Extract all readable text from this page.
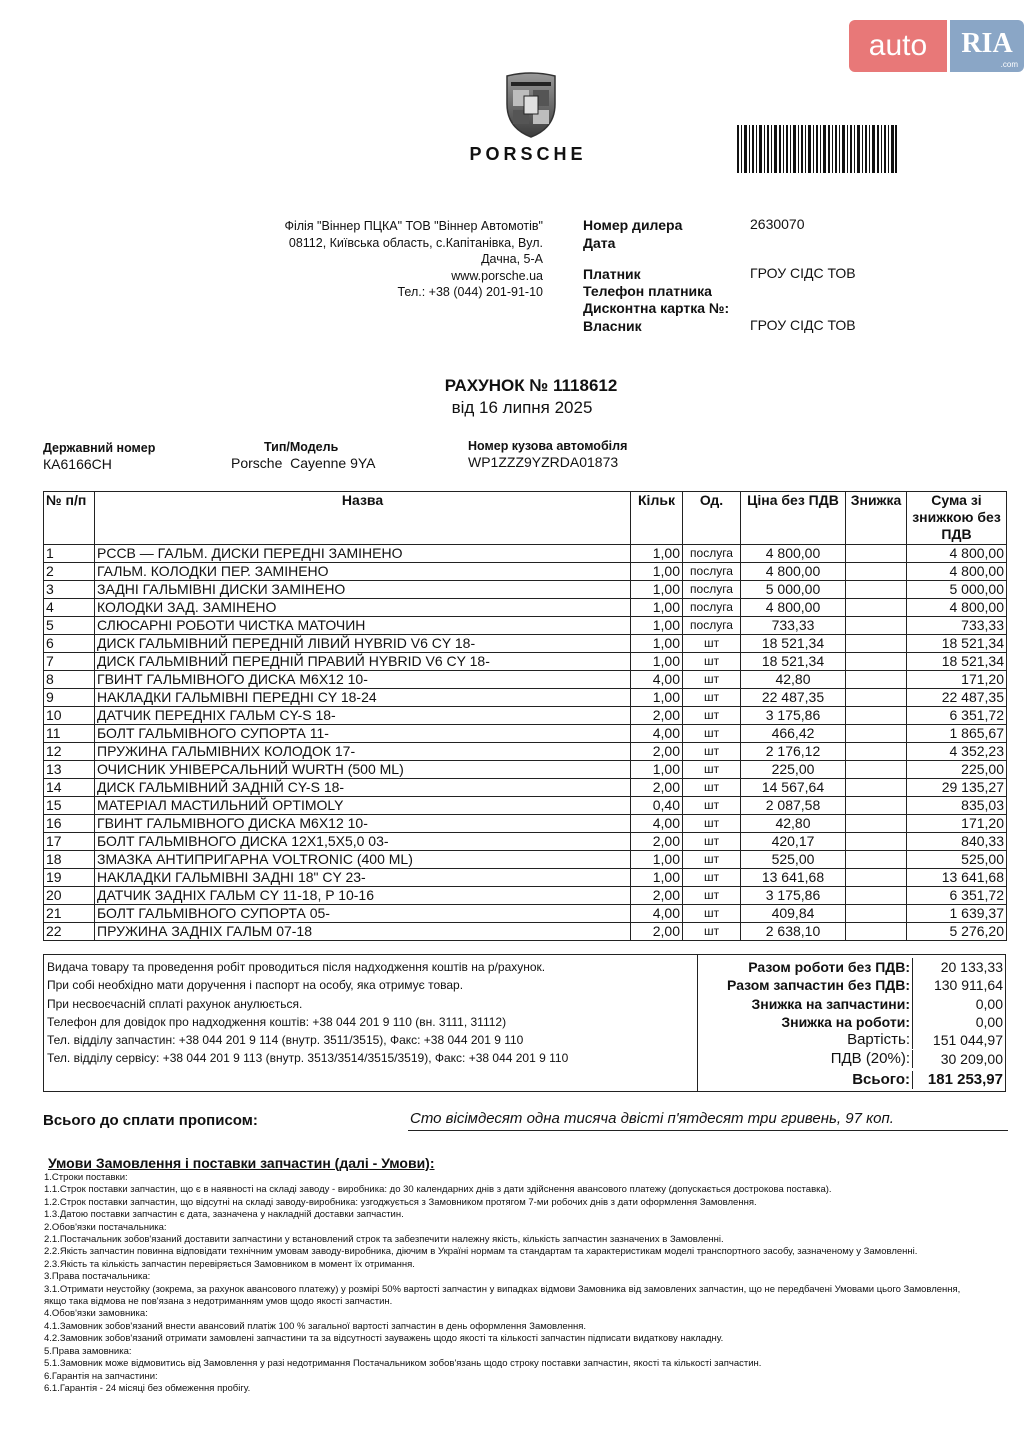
auto	RIA
.com
PORSCHE
Філія "Віннер ПЦКА" ТОВ "Віннер Автомотів"
08112, Київська область, с.Капітанівка, Вул.
Дачна, 5-А
www.porsche.ua
Тел.: +38 (044) 201-91-10
Номер дилера	2630070
Дата
Платник	ГРОУ СІДС ТОВ
Телефон платника
Дисконтна картка №:
Власник	ГРОУ СІДС ТОВ
РАХУНОК № 1118612
від 16 липня 2025
Державний номер
КА6166СН
Тип/Модель
Porsche  Cayenne 9YA
Номер кузова автомобіля
WP1ZZZ9YZRDA01873
№ п/п	Назва	Кільк	Од.	Ціна без ПДВ	Знижка	Сума зі знижкою без ПДВ
1	PCCB — ГАЛЬМ. ДИСКИ ПЕРЕДНІ ЗАМІНЕНО	1,00	послуга	4 800,00		4 800,00
2	ГАЛЬМ. КОЛОДКИ ПЕР. ЗАМІНЕНО	1,00	послуга	4 800,00		4 800,00
3	ЗАДНІ ГАЛЬМІВНІ ДИСКИ ЗАМІНЕНО	1,00	послуга	5 000,00		5 000,00
4	КОЛОДКИ ЗАД. ЗАМІНЕНО	1,00	послуга	4 800,00		4 800,00
5	СЛЮСАРНІ РОБОТИ ЧИСТКА МАТОЧИН	1,00	послуга	733,33		733,33
6	ДИСК ГАЛЬМІВНИЙ ПЕРЕДНІЙ ЛІВИЙ HYBRID V6 CY 18-	1,00	шт	18 521,34		18 521,34
7	ДИСК ГАЛЬМІВНИЙ ПЕРЕДНІЙ ПРАВИЙ HYBRID V6 CY 18-	1,00	шт	18 521,34		18 521,34
8	ГВИНТ ГАЛЬМІВНОГО ДИСКА M6X12 10-	4,00	шт	42,80		171,20
9	НАКЛАДКИ ГАЛЬМІВНІ ПЕРЕДНІ CY 18-24	1,00	шт	22 487,35		22 487,35
10	ДАТЧИК ПЕРЕДНІХ ГАЛЬМ CY-S 18-	2,00	шт	3 175,86		6 351,72
11	БОЛТ ГАЛЬМІВНОГО СУПОРТА 11-	4,00	шт	466,42		1 865,67
12	ПРУЖИНА ГАЛЬМІВНИХ КОЛОДОК 17-	2,00	шт	2 176,12		4 352,23
13	ОЧИСНИК УНІВЕРСАЛЬНИЙ WURTH (500 ML)	1,00	шт	225,00		225,00
14	ДИСК ГАЛЬМІВНИЙ ЗАДНІЙ CY-S 18-	2,00	шт	14 567,64		29 135,27
15	МАТЕРІАЛ МАСТИЛЬНИЙ OPTIMOLY	0,40	шт	2 087,58		835,03
16	ГВИНТ ГАЛЬМІВНОГО ДИСКА M6X12 10-	4,00	шт	42,80		171,20
17	БОЛТ ГАЛЬМІВНОГО ДИСКА 12X1,5X5,0 03-	2,00	шт	420,17		840,33
18	ЗМАЗКА АНТИПРИГАРНА VOLTRONIC (400 ML)	1,00	шт	525,00		525,00
19	НАКЛАДКИ ГАЛЬМІВНІ ЗАДНІ 18" CY 23-	1,00	шт	13 641,68		13 641,68
20	ДАТЧИК ЗАДНІХ ГАЛЬМ CY 11-18, P 10-16	2,00	шт	3 175,86		6 351,72
21	БОЛТ ГАЛЬМІВНОГО СУПОРТА 05-	4,00	шт	409,84		1 639,37
22	ПРУЖИНА ЗАДНІХ ГАЛЬМ 07-18	2,00	шт	2 638,10		5 276,20

Видача товару та проведення робіт проводиться після надходження коштів на р/рахунок.

При собі необхідно мати доручення і паспорт на особу, яка отримує товар.

При несвоєчасній сплаті рахунок анулюється.

Телефон для довідок про надходження коштів: +38 044 201 9 110 (вн. 3111, 31112)

Тел. відділу запчастин: +38 044 201 9 114 (внутр. 3511/3515), Факс: +38 044 201 9 110

Тел. відділу сервісу: +38 044 201 9 113 (внутр. 3513/3514/3515/3519), Факс: +38 044 201 9 110

Разом роботи без ПДВ:	20 133,33
Разом запчастин без ПДВ:	130 911,64
Знижка на запчастини:	0,00
Знижка на роботи:	0,00
Вартість:	151 044,97
ПДВ (20%):	30 209,00
Всього:	181 253,97
Всього до сплати прописом:	Сто вісімдесят одна тисяча двісті п'ятдесят три гривень, 97 коп.
Умови Замовлення і поставки запчастин (далі - Умови):

1.Строки поставки:

1.1.Строк поставки запчастин, що є в наявності на складі заводу - виробника: до 30 календарних днів з дати здійснення авансового платежу (допускається дострокова поставка).

1.2.Строк поставки запчастин, що відсутні на складі заводу-виробника: узгоджується з Замовником протягом 7-ми робочих днів з дати оформлення Замовлення.

1.3.Датою поставки запчастин є дата, зазначена у накладній доставки запчастин.

2.Обов'язки постачальника:

2.1.Постачальник зобов'язаний доставити запчастини у встановлений строк та забезпечити належну якість, кількість запчастин зазначених в Замовленні.

2.2.Якість запчастин повинна відповідати технічним умовам заводу-виробника, діючим в Україні нормам та стандартам та характеристикам моделі транспортного засобу, зазначеному у Замовленні.

2.3.Якість та кількість запчастин перевіряється Замовником в момент їх отримання.

3.Права постачальника:

3.1.Отримати неустойку (зокрема, за рахунок авансового платежу) у розмірі 50% вартості запчастин у випадках відмови Замовника від замовлених запчастин, що не передбачені Умовами цього Замовлення, якщо така відмова не пов'язана з недотриманням умов щодо якості запчастин.

4.Обов'язки замовника:

4.1.Замовник зобов'язаний внести авансовий платіж 100 % загальної вартості запчастин в день оформлення Замовлення.

4.2.Замовник зобов'язаний отримати замовлені запчастини та за відсутності зауважень щодо якості та кількості запчастин підписати видаткову накладну.

5.Права замовника:

5.1.Замовник може відмовитись від Замовлення у разі недотримання Постачальником зобов'язань щодо строку поставки запчастин, якості та кількості запчастин.

6.Гарантія на запчастини:

6.1.Гарантія - 24 місяці без обмеження пробігу.
